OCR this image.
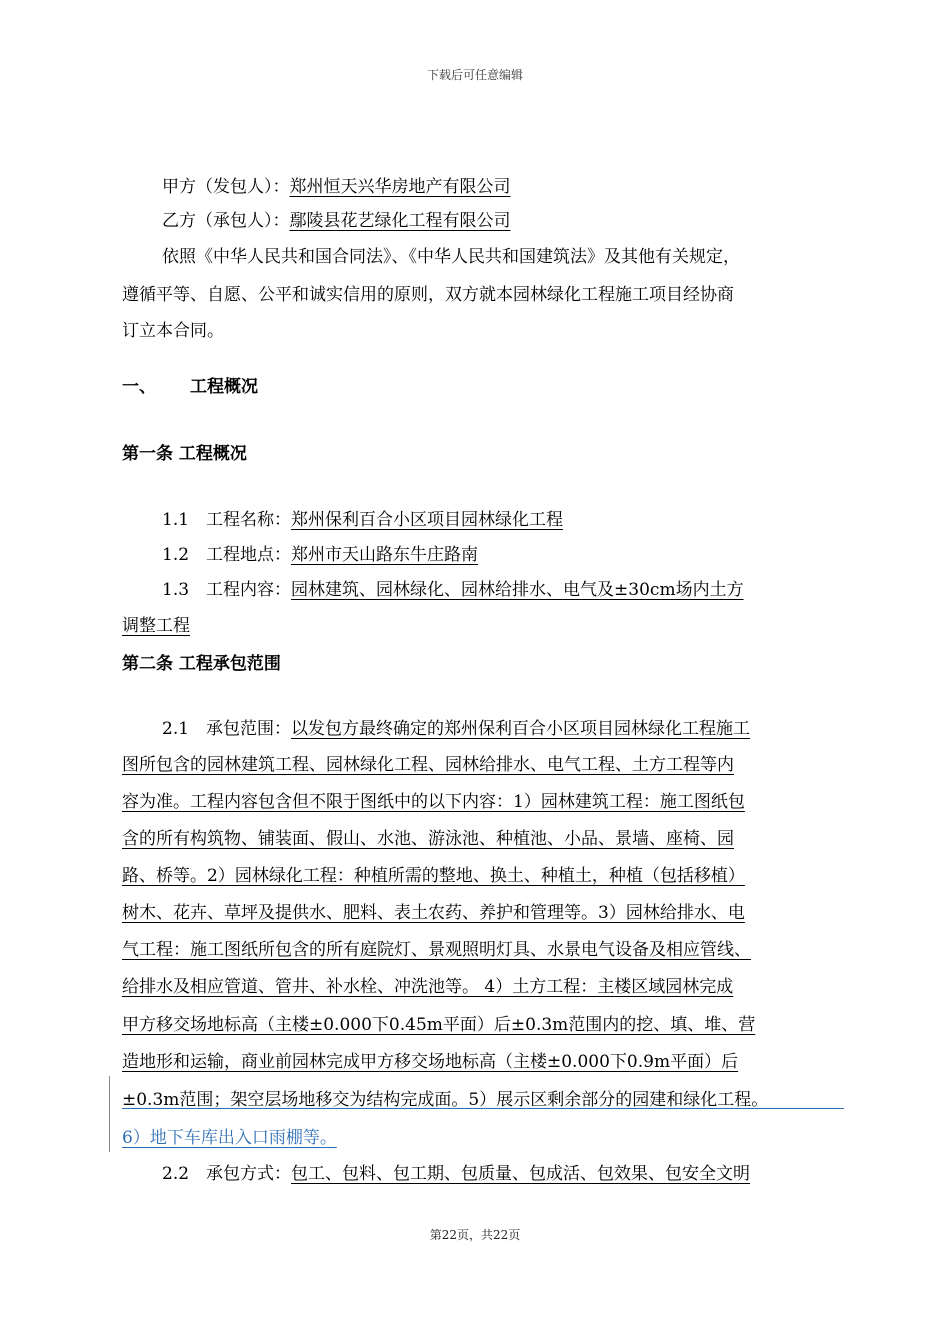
下载后可任意编辑
甲方（发包人）：郑州恒天兴华房地产有限公司
乙方（承包人）：鄢陵县花艺绿化工程有限公司
依照《中华人民共和国合同法》、《中华人民共和国建筑法》及其他有关规定，
遵循平等、自愿、公平和诚实信用的原则，双方就本园林绿化工程施工项目经协商
订立本合同。
一、 工程概况
第一条 工程概况
1.1　工程名称：郑州保利百合小区项目园林绿化工程
1.2　工程地点：郑州市天山路东牛庄路南
1.3　工程内容：园林建筑、园林绿化、园林给排水、电气及±30cm场内土方
调整工程
第二条 工程承包范围
2.1　承包范围：以发包方最终确定的郑州保利百合小区项目园林绿化工程施工
图所包含的园林建筑工程、园林绿化工程、园林给排水、电气工程、土方工程等内
容为准。工程内容包含但不限于图纸中的以下内容：1）园林建筑工程：施工图纸包
含的所有构筑物、铺装面、假山、水池、游泳池、种植池、小品、景墙、座椅、园
路、桥等。2）园林绿化工程：种植所需的整地、换土、种植土，种植（包括移植）
树木、花卉、草坪及提供水、肥料、表土农药、养护和管理等。3）园林给排水、电
气工程：施工图纸所包含的所有庭院灯、景观照明灯具、水景电气设备及相应管线、
给排水及相应管道、管井、补水栓、冲洗池等。 4）土方工程：主楼区域园林完成
甲方移交场地标高（主楼±0.000下0.45m平面）后±0.3m范围内的挖、填、堆、营
造地形和运输，商业前园林完成甲方移交场地标高（主楼±0.000下0.9m平面）后
±0.3m范围；架空层场地移交为结构完成面。5）展示区剩余部分的园建和绿化工程。
6）地下车库出入口雨棚等。
2.2　承包方式：包工、包料、包工期、包质量、包成活、包效果、包安全文明
第22页，共22页
